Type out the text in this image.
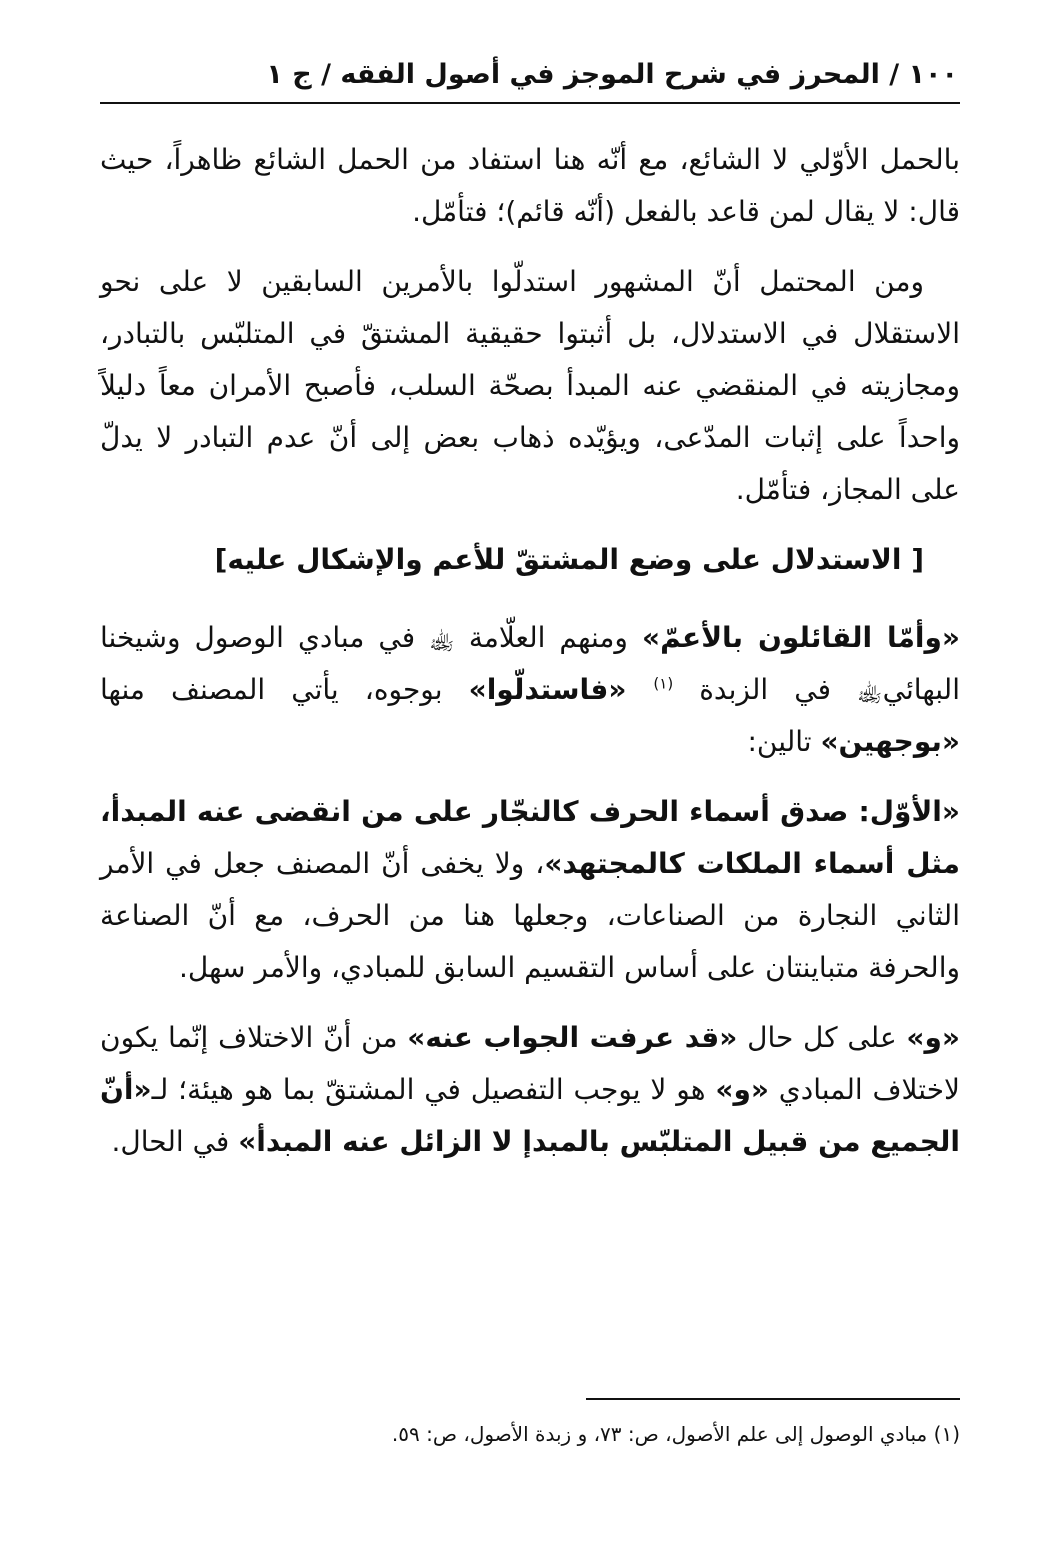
١٠٠ / المحرز في شرح الموجز في أصول الفقه / ج ١

بالحمل الأوّلي لا الشائع، مع أنّه هنا استفاد من الحمل الشائع ظاهراً، حيث قال: لا يقال لمن قاعد بالفعل (أنّه قائم)؛ فتأمّل.

ومن المحتمل أنّ المشهور استدلّوا بالأمرين السابقين لا على نحو الاستقلال في الاستدلال، بل أثبتوا حقيقية المشتقّ في المتلبّس بالتبادر، ومجازيته في المنقضي عنه المبدأ بصحّة السلب، فأصبح الأمران معاً دليلاً واحداً على إثبات المدّعى، ويؤيّده ذهاب بعض إلى أنّ عدم التبادر لا يدلّ على المجاز، فتأمّل.

[ الاستدلال على وضع المشتقّ للأعم والإشكال عليه]

«وأمّا القائلون بالأعمّ» ومنهم العلّامة ﵀ في مبادي الوصول وشيخنا البهائي﵀ في الزبدة $^{(١)}$ «فاستدلّوا» بوجوه، يأتي المصنف منها «بوجهين» تالين:

«الأوّل: صدق أسماء الحرف كالنجّار على من انقضى عنه المبدأ، مثل أسماء الملكات كالمجتهد»، ولا يخفى أنّ المصنف جعل في الأمر الثاني النجارة من الصناعات، وجعلها هنا من الحرف، مع أنّ الصناعة والحرفة متباينتان على أساس التقسيم السابق للمبادي، والأمر سهل.

«و» على كل حال «قد عرفت الجواب عنه» من أنّ الاختلاف إنّما يكون لاختلاف المبادي «و» هو لا يوجب التفصيل في المشتقّ بما هو هيئة؛ لـ«أنّ الجميع من قبيل المتلبّس بالمبدإ لا الزائل عنه المبدأ» في الحال.

(١) مبادي الوصول إلى علم الأصول، ص: ٧٣، و زبدة الأصول، ص: ٥٩.
